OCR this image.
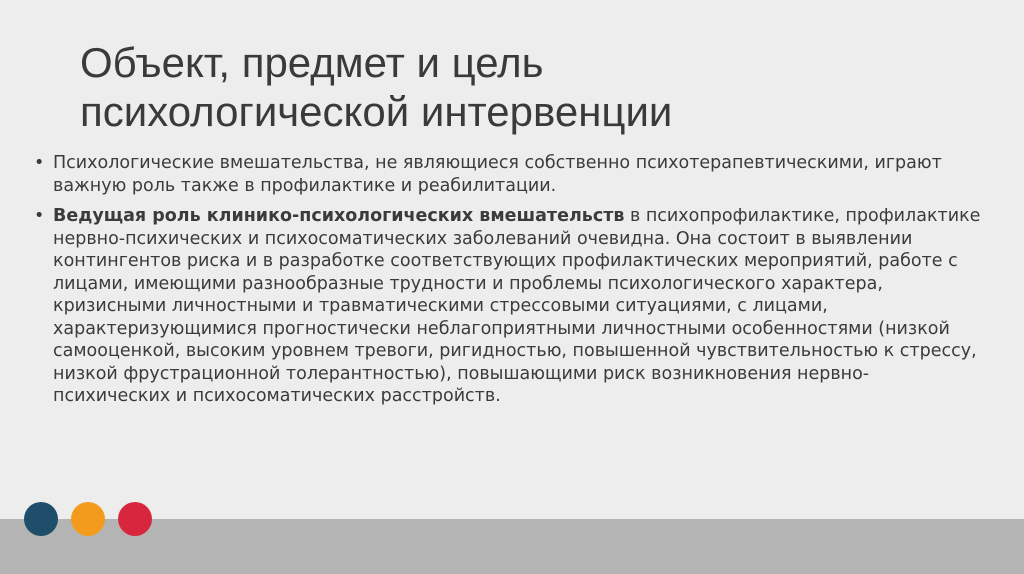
Объект, предмет и цель
психологической интервенции

• Психологические вмешательства, не являющиеся собственно психотерапевтическими, играют важную роль также в профилактике и реабилитации.

• Ведущая роль клинико-психологических вмешательств в психопрофилактике, профилактике нервно-психических и психосоматических заболеваний очевидна. Она состоит в выявлении контингентов риска и в разработке соответствующих профилактических мероприятий, работе с лицами, имеющими разнообразные трудности и проблемы психологического характера, кризисными личностными и травматическими стрессовыми ситуациями, с лицами, характеризующимися прогностически неблагоприятными личностными особенностями (низкой самооценкой, высоким уровнем тревоги, ригидностью, повышенной чувствительностью к стрессу, низкой фрустрационной толерантностью), повышающими риск возникновения нервно-психических и психосоматических расстройств.
